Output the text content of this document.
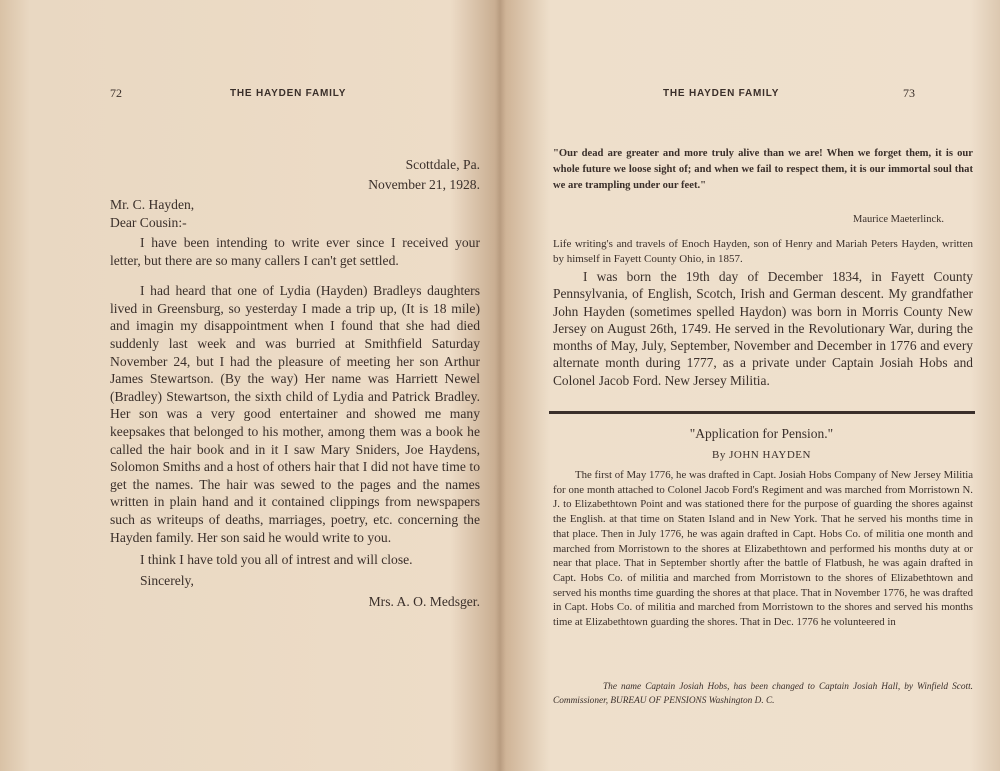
72	THE HAYDEN FAMILY
Scottdale, Pa.
November 21, 1928.
Mr. C. Hayden,
Dear Cousin:-

I have been intending to write ever since I received your letter, but there are so many callers I can't get settled.

I had heard that one of Lydia (Hayden) Bradleys daughters lived in Greensburg, so yesterday I made a trip up, (It is 18 mile) and imagin my disappointment when I found that she had died suddenly last week and was burried at Smithfield Saturday November 24, but I had the pleasure of meeting her son Arthur James Stewartson. (By the way) Her name was Harriett Newel (Bradley) Stewartson, the sixth child of Lydia and Patrick Bradley. Her son was a very good entertainer and showed me many keepsakes that belonged to his mother, among them was a book he called the hair book and in it I saw Mary Sniders, Joe Haydens, Solomon Smiths and a host of others hair that I did not have time to get the names. The hair was sewed to the pages and the names written in plain hand and it contained clippings from newspapers such as writeups of deaths, marriages, poetry, etc. concerning the Hayden family. Her son said he would write to you.

I think I have told you all of intrest and will close.

Sincerely,

Mrs. A. O. Medsger.

THE HAYDEN FAMILY	73
"Our dead are greater and more truly alive than we are! When we forget them, it is our whole future we loose sight of; and when we fail to respect them, it is our immortal soul that we are trampling under our feet."
Maurice Maeterlinck.
Life writing's and travels of Enoch Hayden, son of Henry and Mariah Peters Hayden, written by himself in Fayett County Ohio, in 1857.
I was born the 19th day of December 1834, in Fayett County Pennsylvania, of English, Scotch, Irish and German descent. My grandfather John Hayden (sometimes spelled Haydon) was born in Morris County New Jersey on August 26th, 1749. He served in the Revolutionary War, during the months of May, July, September, November and December in 1776 and every alternate month during 1777, as a private under Captain Josiah Hobs and Colonel Jacob Ford. New Jersey Militia.
"Application for Pension."
By JOHN HAYDEN
The first of May 1776, he was drafted in Capt. Josiah Hobs Company of New Jersey Militia for one month attached to Colonel Jacob Ford's Regiment and was marched from Morristown N. J. to Elizabethtown Point and was stationed there for the purpose of guarding the shores against the English. at that time on Staten Island and in New York. That he served his months time in that place. Then in July 1776, he was again drafted in Capt. Hobs Co. of militia one month and marched from Morristown to the shores at Elizabethtown and performed his months duty at or near that place. That in September shortly after the battle of Flatbush, he was again drafted in Capt. Hobs Co. of militia and marched from Morristown to the shores of Elizabethtown and served his months time guarding the shores at that place. That in November 1776, he was drafted in Capt. Hobs Co. of militia and marched from Morristown to the shores and served his months time at Elizabethtown guarding the shores. That in Dec. 1776 he volunteered in
The name Captain Josiah Hobs, has been changed to Captain Josiah Hall, by Winfield Scott. Commissioner, BUREAU OF PENSIONS Washington D. C.
